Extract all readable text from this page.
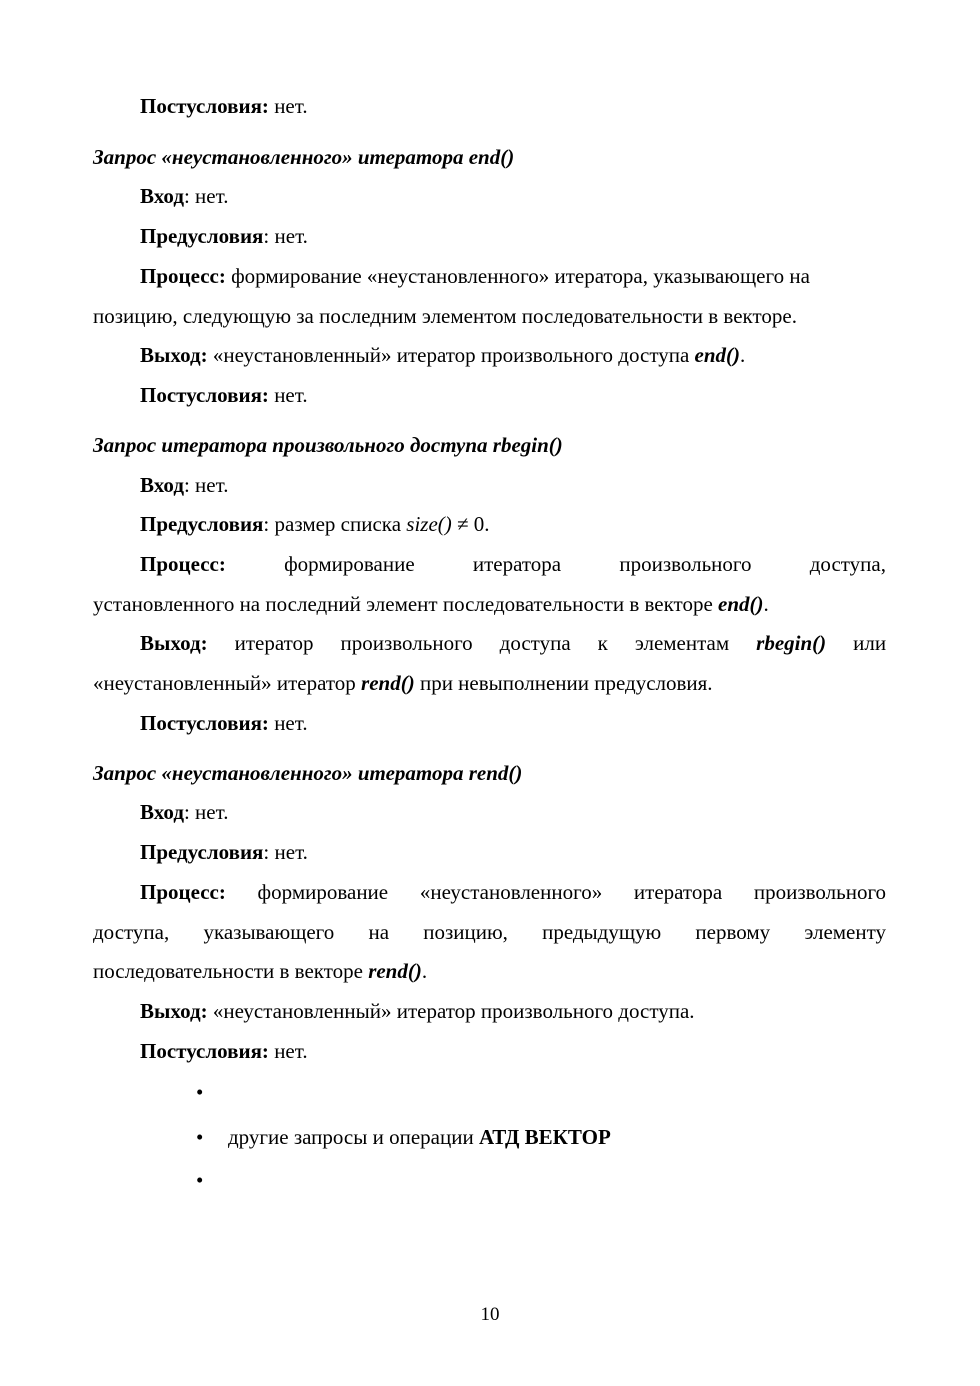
Постусловия: нет.
Запрос «неустановленного» итератора end()
Вход: нет.
Предусловия: нет.
Процесс: формирование «неустановленного» итератора, указывающего на
позицию, следующую за последним элементом последовательности в векторе.
Выход: «неустановленный» итератор произвольного доступа end().
Постусловия: нет.
Запрос итератора произвольного доступа rbegin()
Вход: нет.
Предусловия: размер списка size() ≠ 0.
Процесс:	формирование	итератора	произвольного	доступа,
установленного на последний элемент последовательности в векторе end().
Выход: итератор произвольного доступа к элементам rbegin() или
«неустановленный» итератор rend() при невыполнении предусловия.
Постусловия: нет.
Запрос «неустановленного» итератора rend()
Вход: нет.
Предусловия: нет.
Процесс: формирование «неустановленного» итератора произвольного
доступа, указывающего на позицию, предыдущую первому элементу
последовательности в векторе rend().
Выход: «неустановленный» итератор произвольного доступа.
Постусловия: нет.
•
• другие запросы и операции АТД ВЕКТОР
•
10
